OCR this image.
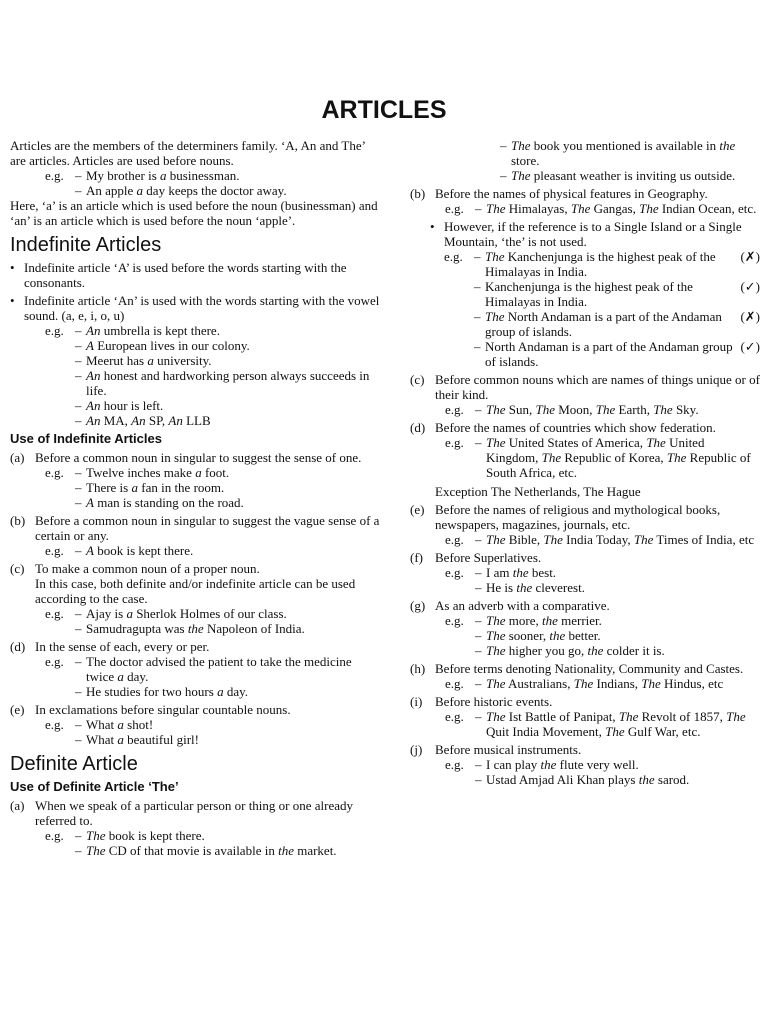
ARTICLES

Articles are the members of the determiners family. ‘A, An and The’ are articles. Articles are used before nouns.

e.g. – My brother is a businessman.
– An apple a day keeps the doctor away.

Here, ‘a’ is an article which is used before the noun (businessman) and ‘an’ is an article which is used before the noun ‘apple’.

Indefinite Articles
• Indefinite article ‘A’ is used before the words starting with the consonants.

• Indefinite article ‘An’ is used with the words starting with the vowel sound. (a, e, i, o, u)

e.g. – An umbrella is kept there.
– A European lives in our colony.
– Meerut has a university.
– An honest and hardworking person always succeeds in life.
– An hour is left.
– An MA, An SP, An LLB
Use of Indefinite Articles
(a) Before a common noun in singular to suggest the sense of one.

e.g. – Twelve inches make a foot.
– There is a fan in the room.
– A man is standing on the road.
(b) Before a common noun in singular to suggest the vague sense of a certain or any.

e.g. – A book is kept there.
(c) To make a common noun of a proper noun.

In this case, both definite and/or indefinite article can be used according to the case.

e.g. – Ajay is a Sherlok Holmes of our class.
– Samudragupta was the Napoleon of India.
(d) In the sense of each, every or per.

e.g. – The doctor advised the patient to take the medicine twice a day.
– He studies for two hours a day.
(e) In exclamations before singular countable nouns.

e.g. – What a shot!
– What a beautiful girl!
Definite Article
Use of Definite Article ‘The’
(a) When we speak of a particular person or thing or one already referred to.

e.g. – The book is kept there.
– The CD of that movie is available in the market.
– The book you mentioned is available in the store.
– The pleasant weather is inviting us outside.
(b) Before the names of physical features in Geography.

e.g. – The Himalayas, The Gangas, The Indian Ocean, etc.
• However, if the reference is to a Single Island or a Single Mountain, ‘the’ is not used.

e.g. – The Kanchenjunga is the highest peak of the Himalayas in India.
(✗)
– Kanchenjunga is the highest peak of the Himalayas in India.
(✓)
– The North Andaman is a part of the Andaman group of islands.
(✗)
– North Andaman is a part of the Andaman group of islands.
(✓)
(c) Before common nouns which are names of things unique or of their kind.

e.g. – The Sun, The Moon, The Earth, The Sky.
(d) Before the names of countries which show federation.

e.g. – The United States of America, The United Kingdom, The Republic of Korea, The Republic of South Africa, etc.

Exception The Netherlands, The Hague

(e) Before the names of religious and mythological books, newspapers, magazines, journals, etc.

e.g. – The Bible, The India Today, The Times of India, etc
(f) Before Superlatives.

e.g. – I am the best.
– He is the cleverest.
(g) As an adverb with a comparative.

e.g. – The more, the merrier.
– The sooner, the better.
– The higher you go, the colder it is.
(h) Before terms denoting Nationality, Community and Castes.

e.g. – The Australians, The Indians, The Hindus, etc
(i) Before historic events.

e.g. – The Ist Battle of Panipat, The Revolt of 1857, The Quit India Movement, The Gulf War, etc.
(j) Before musical instruments.

e.g. – I can play the flute very well.
– Ustad Amjad Ali Khan plays the sarod.
